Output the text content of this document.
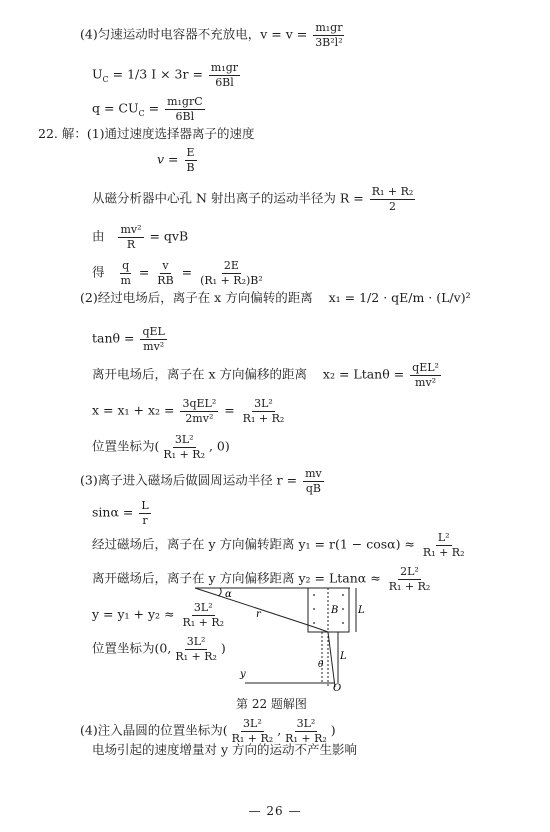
(4)匀速运动时电容器不充放电，$v = v = \frac{\text{m₁gr}}{\text{3B²l²}}$
$U_C = 1/3$ $I \times 3r = \frac{\text{m₁gr}}{6Bl}$
$q = CU_C = \frac{\text{m₁grC}}{6Bl}$
22. 解：(1)通过速度选择器离子的速度
$v = \frac{E}{B}$
从磁分析器中心孔 N 射出离子的运动半径为 $R = \frac{\text{R₁ + R₂}}{2}$
由 $\frac{\text{mv²}}{R}$ = qvB
得 $\frac{q}{m} = \frac{v}{RB} = \frac{2E}{\text{(R₁ + R₂)B²}}$
(2)经过电场后，离子在 x 方向偏转的距离 x₁ = 1/2 · qE/m · (L/v)²
$\tan\theta = \frac{\text{qEL}}{\text{mv²}}$
离开电场后，离子在 x 方向偏移的距离 $x_2 = Ltan\theta = \frac{\text{qEL²}}{\text{mv²}}$
$x = x_1 + x_2 = \frac{\text{3qEL²}}{\text{2mv²}} = \frac{\text{3L²}}{\text{R₁ + R₂}}$
位置坐标为( $\frac{\text{3L²}}{\text{R₁ + R₂}}$ , 0)
(3)离子进入磁场后做圆周运动半径 $r = \frac{mv}{qB}$
$\sin\alpha = \frac{L}{r}$
经过磁场后，离子在 y 方向偏转距离 $y_1 = r(1 - \cos\alpha) \approx \frac{\text{L²}}{\text{R₁ + R₂}}$
离开磁场后，离子在 y 方向偏移距离 $y_2 = Ltan\alpha \approx \frac{\text{2L²}}{\text{R₁ + R₂}}$
$y = y_1 + y_2 \approx \frac{\text{3L²}}{\text{R₁ + R₂}}$
位置坐标为(0, $\frac{\text{3L²}}{\text{R₁ + R₂}}$ )
α
r	B L
L
θ
y
O
第 22 题解图
(4)注入晶圆的位置坐标为( $\frac{\text{3L²}}{\text{R₁ + R₂}}$ , $\frac{\text{3L²}}{\text{R₁ + R₂}}$ )
电场引起的速度增量对 y 方向的运动不产生影响
— 26 —
